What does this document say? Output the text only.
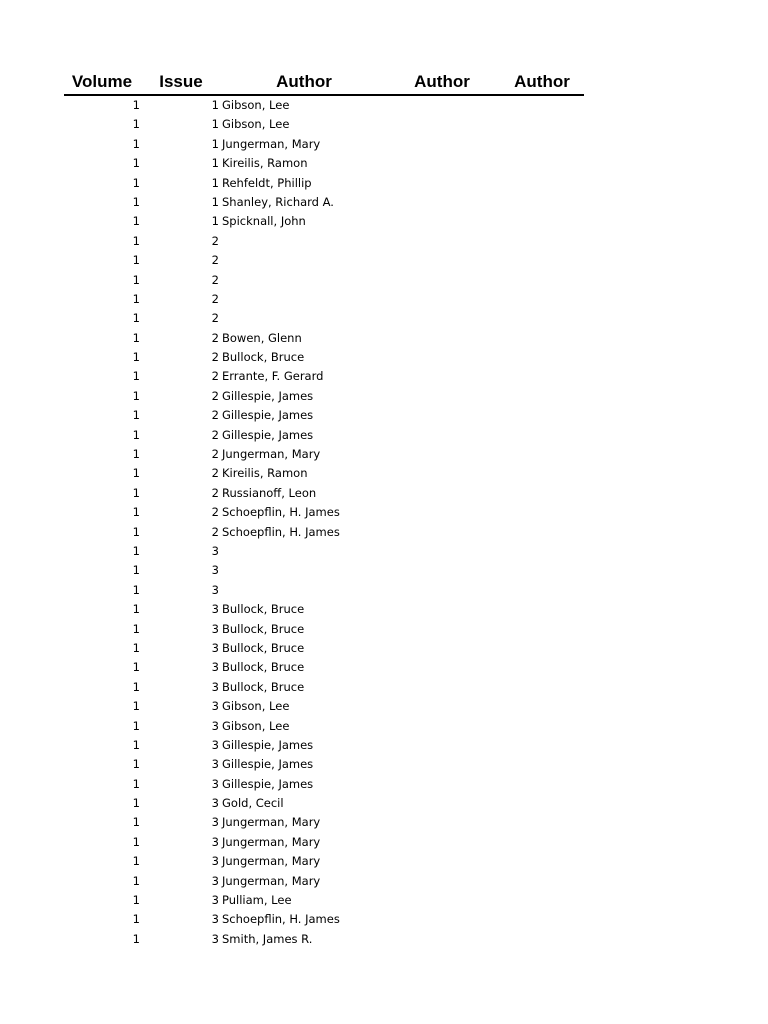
Volume	Issue	Author	Author	Author
1	1 Gibson, Lee
1	1 Gibson, Lee
1	1 Jungerman, Mary
1	1 Kireilis, Ramon
1	1 Rehfeldt, Phillip
1	1 Shanley, Richard A.
1	1 Spicknall, John
1	2
1	2
1	2
1	2
1	2
1	2 Bowen, Glenn
1	2 Bullock, Bruce
1	2 Errante, F. Gerard
1	2 Gillespie, James
1	2 Gillespie, James
1	2 Gillespie, James
1	2 Jungerman, Mary
1	2 Kireilis, Ramon
1	2 Russianoff, Leon
1	2 Schoepflin, H. James
1	2 Schoepflin, H. James
1	3
1	3
1	3
1	3 Bullock, Bruce
1	3 Bullock, Bruce
1	3 Bullock, Bruce
1	3 Bullock, Bruce
1	3 Bullock, Bruce
1	3 Gibson, Lee
1	3 Gibson, Lee
1	3 Gillespie, James
1	3 Gillespie, James
1	3 Gillespie, James
1	3 Gold, Cecil
1	3 Jungerman, Mary
1	3 Jungerman, Mary
1	3 Jungerman, Mary
1	3 Jungerman, Mary
1	3 Pulliam, Lee
1	3 Schoepflin, H. James
1	3 Smith, James R.
